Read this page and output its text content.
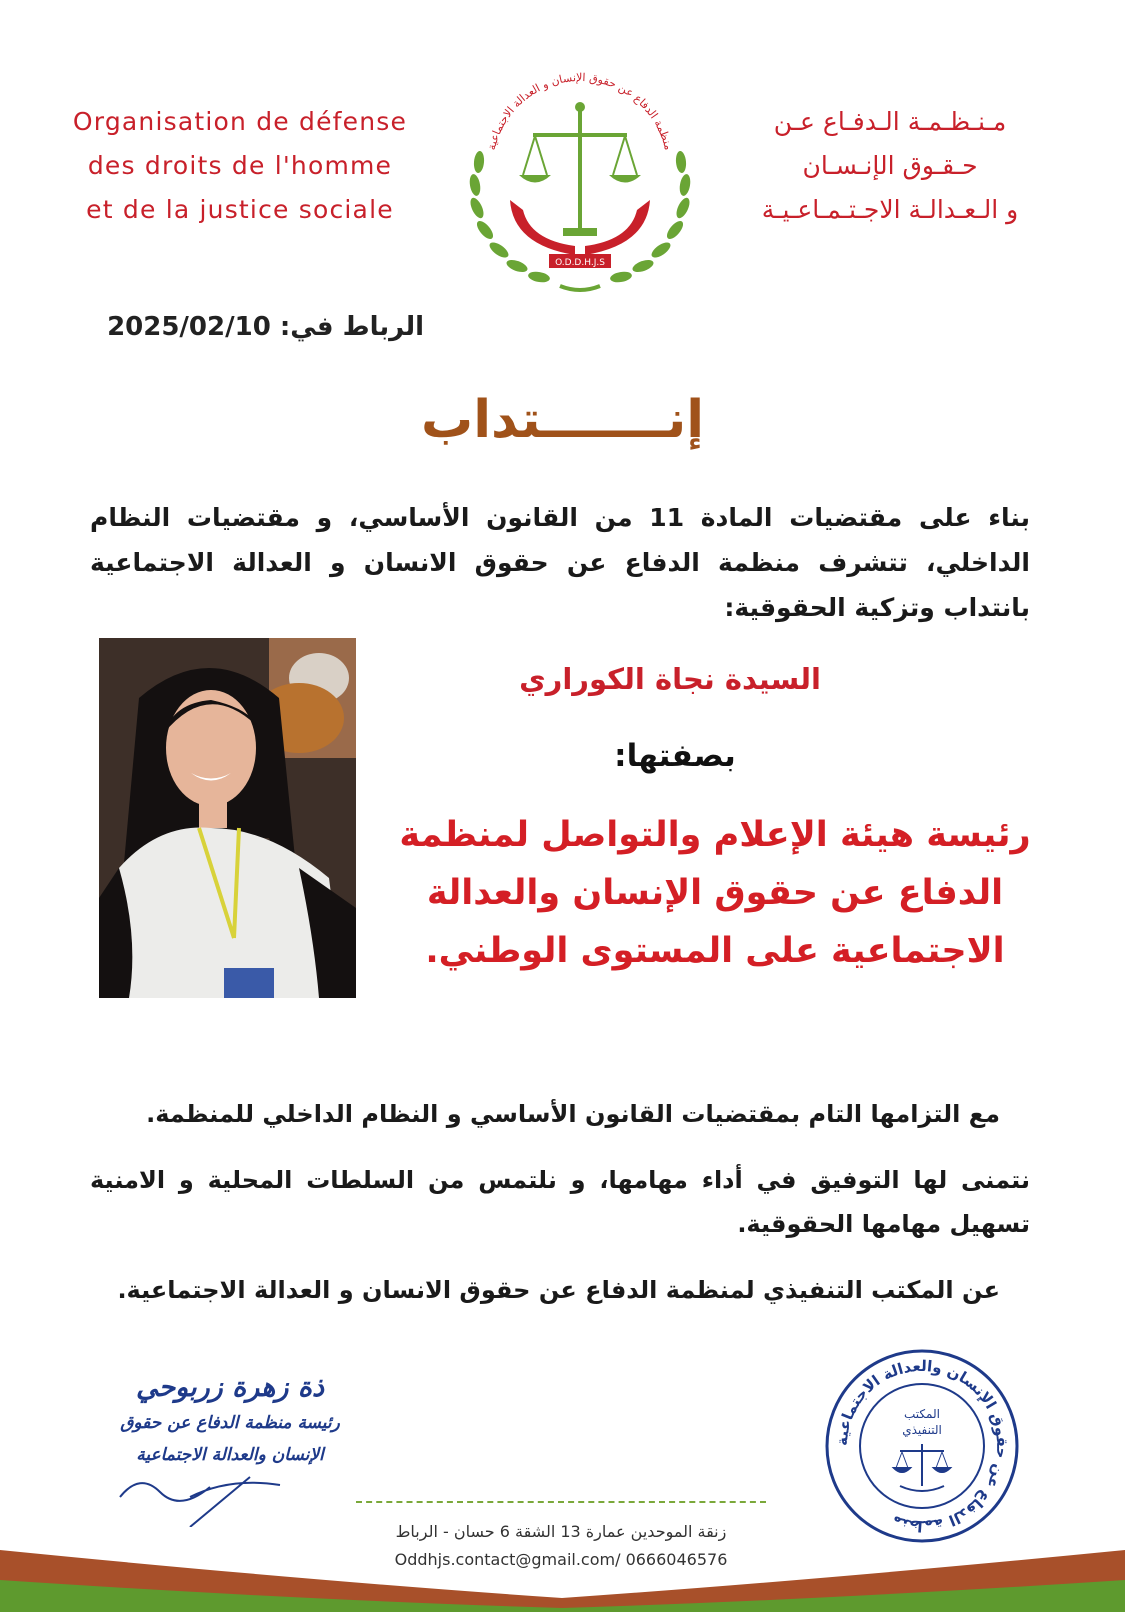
Organisation de défense
des droits de l'homme
et de la justice sociale
منظمة الدفاع عن حقوق الإنسان و العدالة الاجتماعية
O.D.D.H.J.S
مـنـظـمـة الـدفـاع عـن
حـقـوق الإنـسـان
و الـعـدالـة الاجـتـمـاعـيـة
الرباط في: 2025/02/10
إنـــــــتداب
بناء على مقتضيات المادة 11 من القانون الأساسي، و مقتضيات النظام الداخلي، تتشرف منظمة الدفاع عن حقوق الانسان و العدالة الاجتماعية بانتداب وتزكية الحقوقية:
السيدة نجاة الكوراري
بصفتها:
رئيسة هيئة الإعلام والتواصل لمنظمة
الدفاع عن حقوق الإنسان والعدالة
الاجتماعية على المستوى الوطني.

مع التزامها التام بمقتضيات القانون الأساسي و النظام الداخلي للمنظمة.

نتمنى لها التوفيق في أداء مهامها، و نلتمس من السلطات المحلية و الامنية تسهيل مهامها الحقوقية.

عن المكتب التنفيذي لمنظمة الدفاع عن حقوق الانسان و العدالة الاجتماعية.

ذة زهرة زربوحي
رئيسة منظمة الدفاع عن حقوق
الإنسان والعدالة الاجتماعية
منظمة الدفاع عن حقوق الإنسان والعدالة الاجتماعية
المكتب
التنفيذي
زنقة الموحدين عمارة 13 الشقة 6 حسان - الرباط
Oddhjs.contact@gmail.com/ 0666046576
